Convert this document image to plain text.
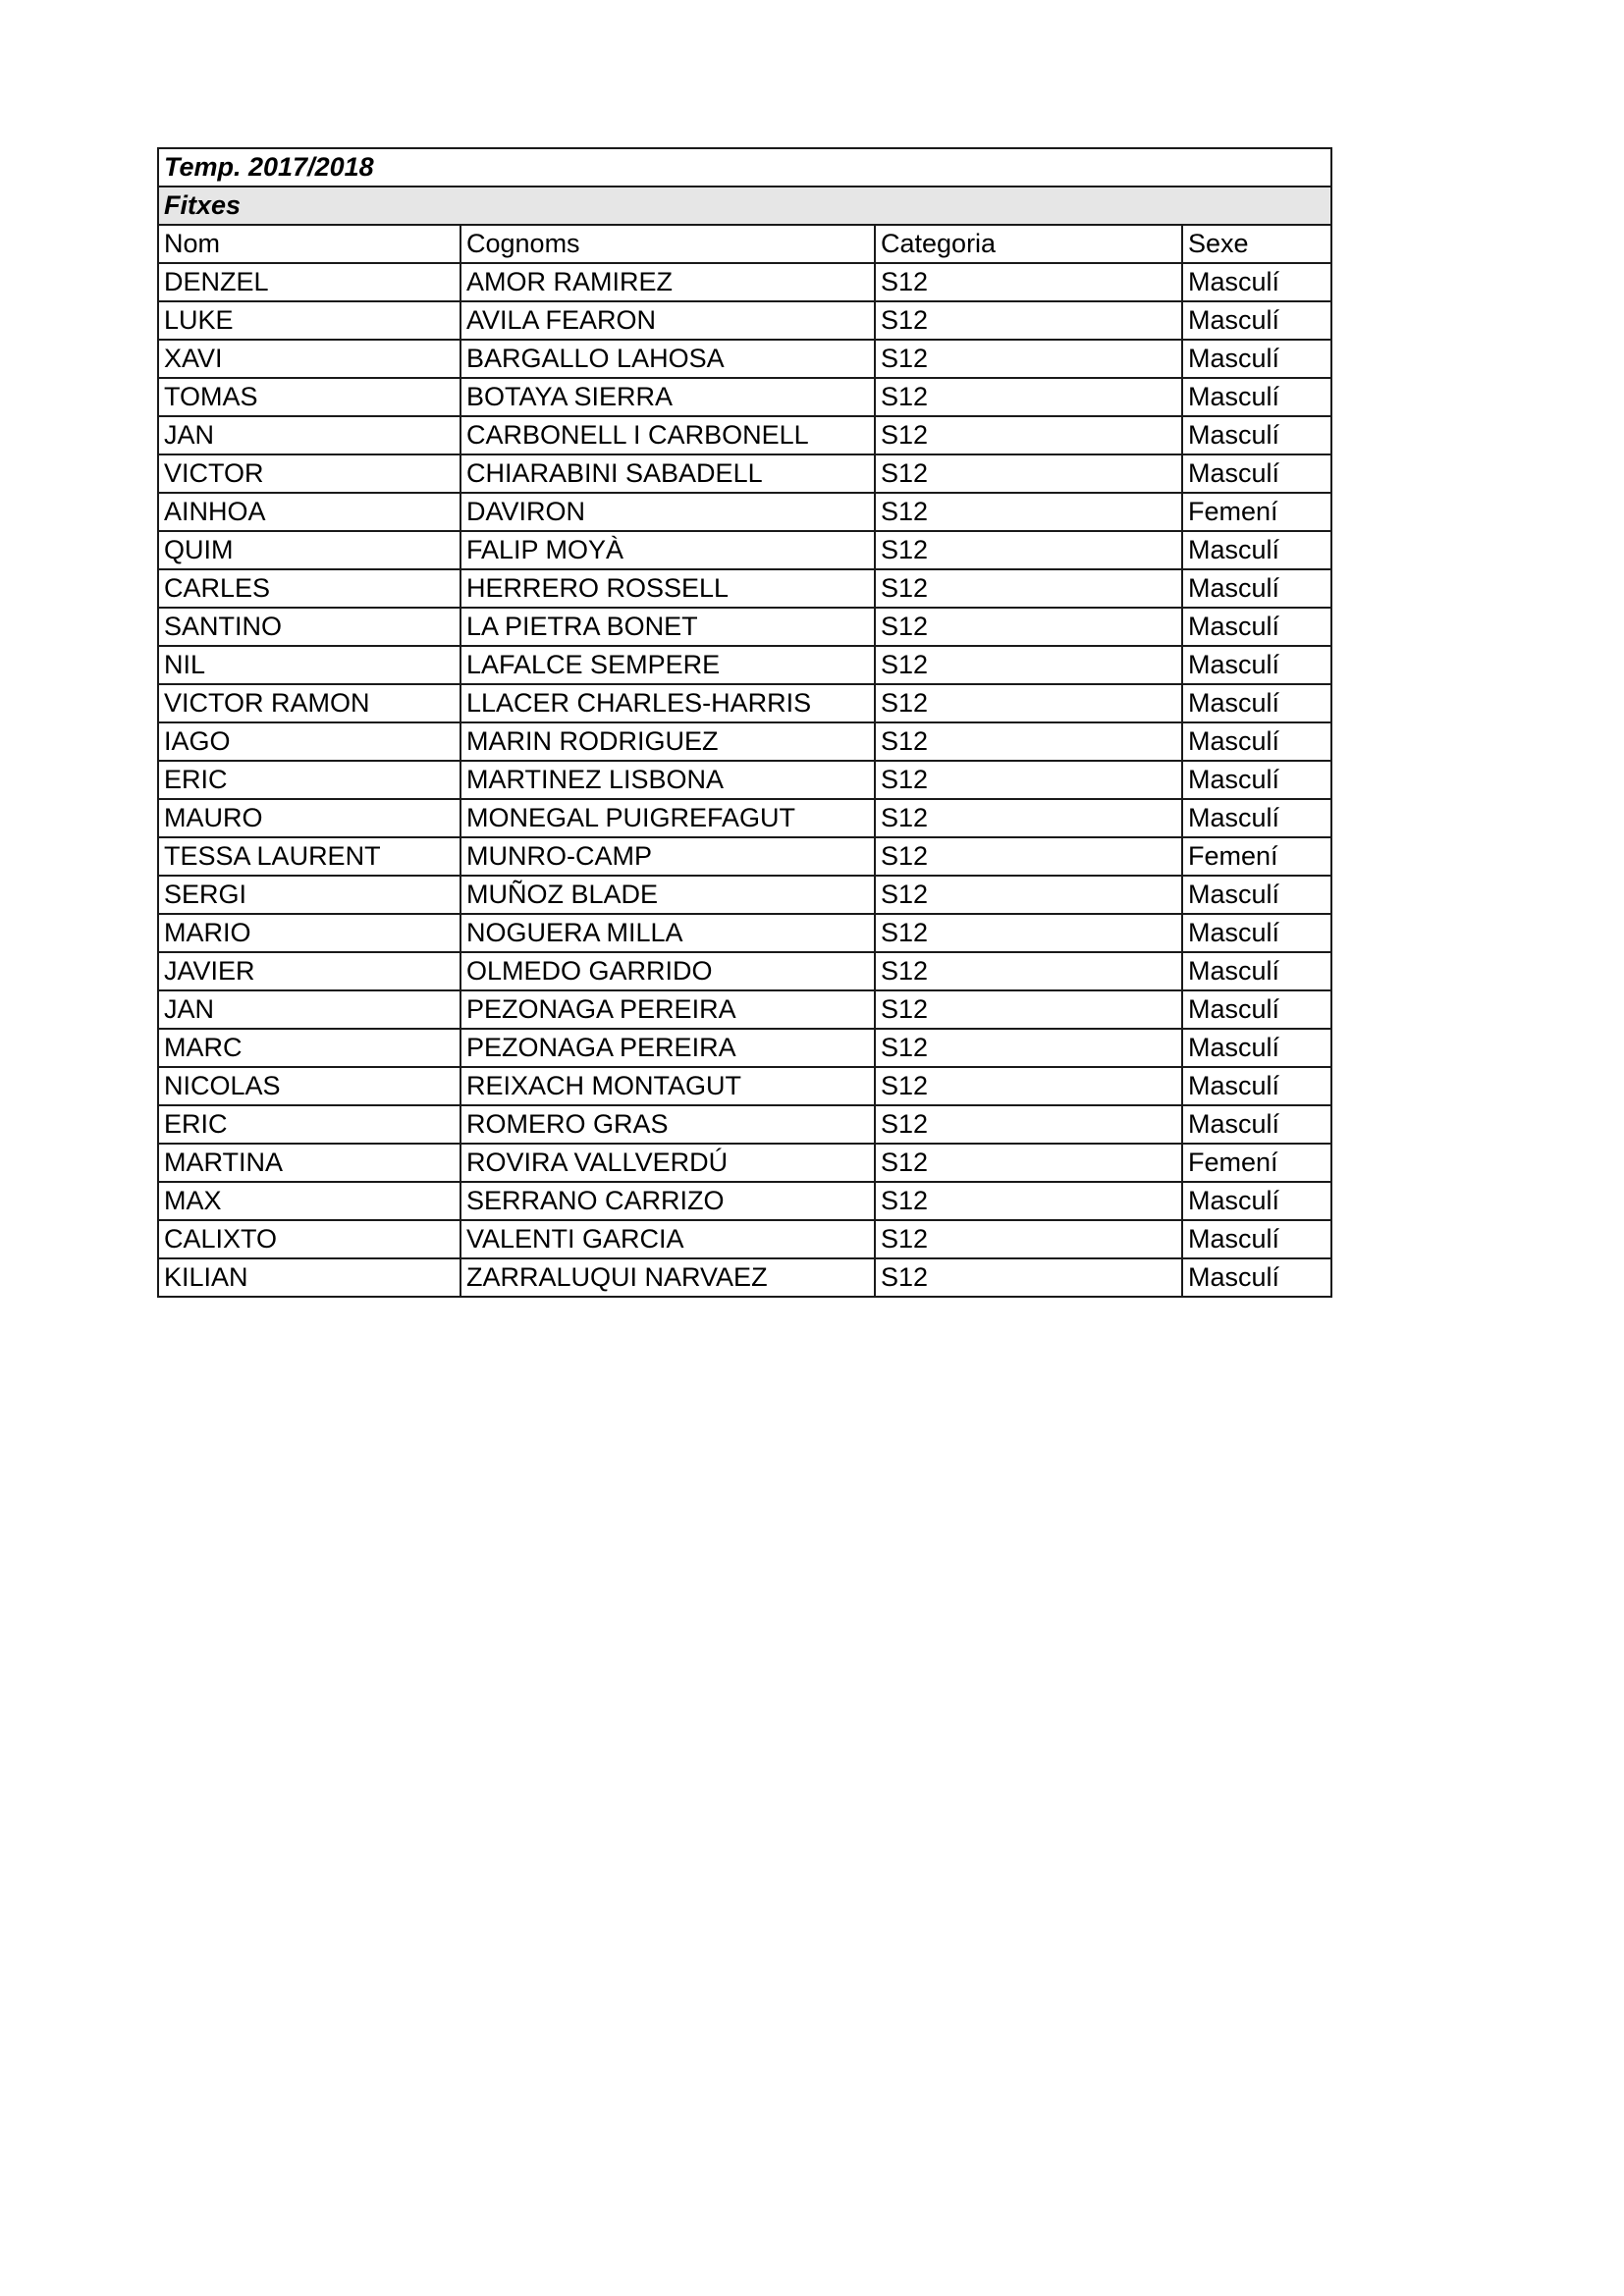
Temp. 2017/2018			
Fitxes			
Nom	Cognoms	Categoria	Sexe
DENZEL	AMOR RAMIREZ	S12	Masculí
LUKE	AVILA FEARON	S12	Masculí
XAVI	BARGALLO LAHOSA	S12	Masculí
TOMAS	BOTAYA SIERRA	S12	Masculí
JAN	CARBONELL I CARBONELL	S12	Masculí
VICTOR	CHIARABINI SABADELL	S12	Masculí
AINHOA	DAVIRON	S12	Femení
QUIM	FALIP MOYÀ	S12	Masculí
CARLES	HERRERO ROSSELL	S12	Masculí
SANTINO	LA PIETRA BONET	S12	Masculí
NIL	LAFALCE SEMPERE	S12	Masculí
VICTOR RAMON	LLACER CHARLES-HARRIS	S12	Masculí
IAGO	MARIN RODRIGUEZ	S12	Masculí
ERIC	MARTINEZ LISBONA	S12	Masculí
MAURO	MONEGAL PUIGREFAGUT	S12	Masculí
TESSA LAURENT	MUNRO-CAMP	S12	Femení
SERGI	MUÑOZ BLADE	S12	Masculí
MARIO	NOGUERA MILLA	S12	Masculí
JAVIER	OLMEDO GARRIDO	S12	Masculí
JAN	PEZONAGA PEREIRA	S12	Masculí
MARC	PEZONAGA PEREIRA	S12	Masculí
NICOLAS	REIXACH MONTAGUT	S12	Masculí
ERIC	ROMERO GRAS	S12	Masculí
MARTINA	ROVIRA VALLVERDÚ	S12	Femení
MAX	SERRANO CARRIZO	S12	Masculí
CALIXTO	VALENTI GARCIA	S12	Masculí
KILIAN	ZARRALUQUI NARVAEZ	S12	Masculí
